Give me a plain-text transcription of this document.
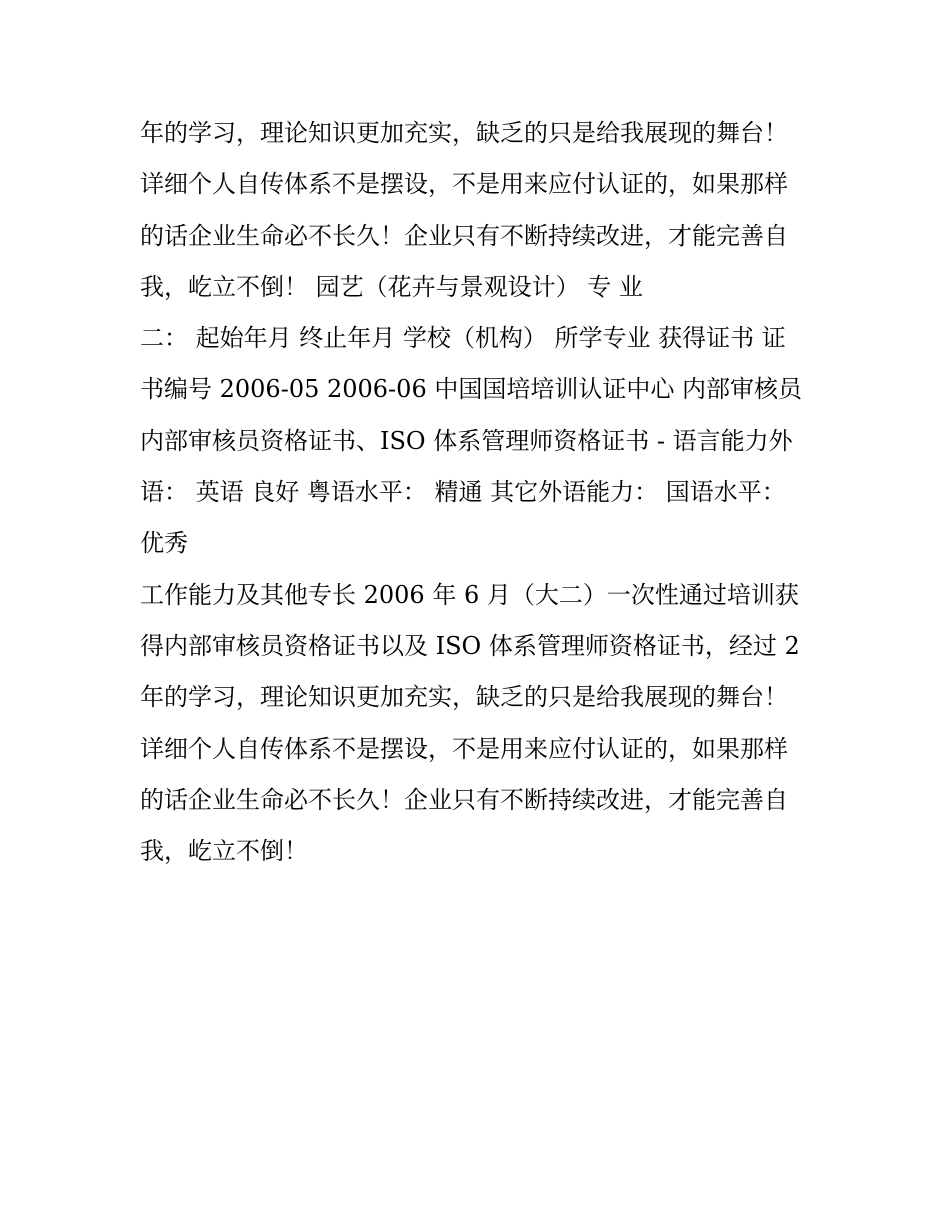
年的学习，理论知识更加充实，缺乏的只是给我展现的舞台！
详细个人自传体系不是摆设，不是用来应付认证的，如果那样
的话企业生命必不长久！企业只有不断持续改进，才能完善自
我，屹立不倒！ 园艺（花卉与景观设计） 专 业
二： 起始年月 终止年月 学校（机构） 所学专业 获得证书 证
书编号 2006-05 2006-06 中国国培培训认证中心 内部审核员
内部审核员资格证书、ISO 体系管理师资格证书 - 语言能力外
语： 英语 良好 粤语水平： 精通 其它外语能力： 国语水平：
优秀
工作能力及其他专长 2006 年 6 月（大二）一次性通过培训获
得内部审核员资格证书以及 ISO 体系管理师资格证书，经过 2
年的学习，理论知识更加充实，缺乏的只是给我展现的舞台！
详细个人自传体系不是摆设，不是用来应付认证的，如果那样
的话企业生命必不长久！企业只有不断持续改进，才能完善自
我，屹立不倒！
